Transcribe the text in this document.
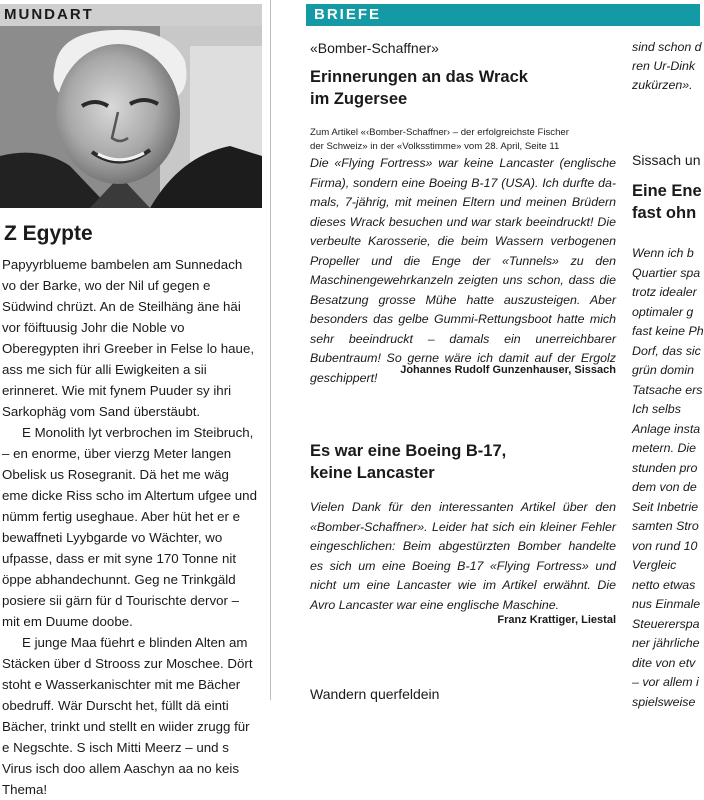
MUNDART
Z Egypte

Papyyrblueme bambelen am Sunnedach vo der Barke, wo der Nil uf gegen e Südwind chrüzt. An de Steilhäng äne häi vor föiftuusig Johr die Noble vo Oberegypten ihri Greeber in Felse lo haue, ass me sich für alli Ewigkeiten a sii erinneret. Wie mit fynem Puuder sy ihri Sarkophäg vom Sand überstäubt.

E Monolith lyt verbrochen im Steibruch, – en enorme, über vierzg Meter langen Obelisk us Rosegranit. Dä het me wäg eme dicke Riss scho im Altertum ufgee und nümm fertig useghaue. Aber hüt het er e bewaffneti Lyybgarde vo Wächter, wo ufpasse, dass er mit syne 170 Tonne nit öppe abhandechunnt. Geg ne Trinkgäld posiere sii gärn für d Tourischte dervor – mit em Duume doobe.

E junge Maa füehrt e blinden Alten am Stäcken über d Strooss zur Moschee. Dört stoht e Wasserkanischter mit me Bächer obedruff. Wär Durscht het, füllt dä einti Bächer, trinkt und stellt en wiider zrugg für e Negschte. S isch Mitti Meerz – und s Virus isch doo allem Aaschyn aa no keis Thema!

BRIEFE
«Bomber-Schaffner»
Erinnerungen an das Wrack
im Zugersee
Zum Artikel «‹Bomber-Schaffner› – der erfolgreichste Fischer
der Schweiz» in der «Volksstimme» vom 28. April, Seite 11

Die «Flying Fortress» war keine Lancaster (englische Firma), sondern eine Boeing B-17 (USA). Ich durfte damals, 7-jährig, mit meinen Eltern und meinen Brüdern dieses Wrack besuchen und war stark beeindruckt! Die verbeulte Karosserie, die beim Wassern verbogenen Propeller und die Enge der «Tunnels» zu den Maschinengewehrkanzeln zeigten uns schon, dass die Besatzung grosse Mühe hatte auszusteigen. Aber besonders das gelbe Gummi-Rettungsboot hatte mich sehr beeindruckt – damals ein unerreichbarer Bubentraum! So gerne wäre ich damit auf der Ergolz geschippert!

Johannes Rudolf Gunzenhauser, Sissach
Es war eine Boeing B-17,
keine Lancaster

Vielen Dank für den interessanten Artikel über den «Bomber-Schaffner». Leider hat sich ein kleiner Fehler eingeschlichen: Beim abgestürzten Bomber handelte es sich um eine Boeing B-17 «Flying Fortress» und nicht um eine Lancaster wie im Artikel erwähnt. Die Avro Lancaster war eine englische Maschine.

Franz Krattiger, Liestal
Wandern querfeldein
sind schon d
ren Ur-Dink
zukürzen».
Sissach un
Eine Ene
fast ohn
Wenn ich b
Quartier spa
trotz idealer
optimaler g
fast keine Ph
Dorf, das sic
grün domin
Tatsache ers
Ich selbs
Anlage insta
metern. Die
stunden pro
dem von de
Seit Inbetrie
samten Stro
von rund 10
Vergleic
netto etwas
nus Einmale
Steuererspa
ner jährliche
dite von etv
– vor allem i
spielsweise
